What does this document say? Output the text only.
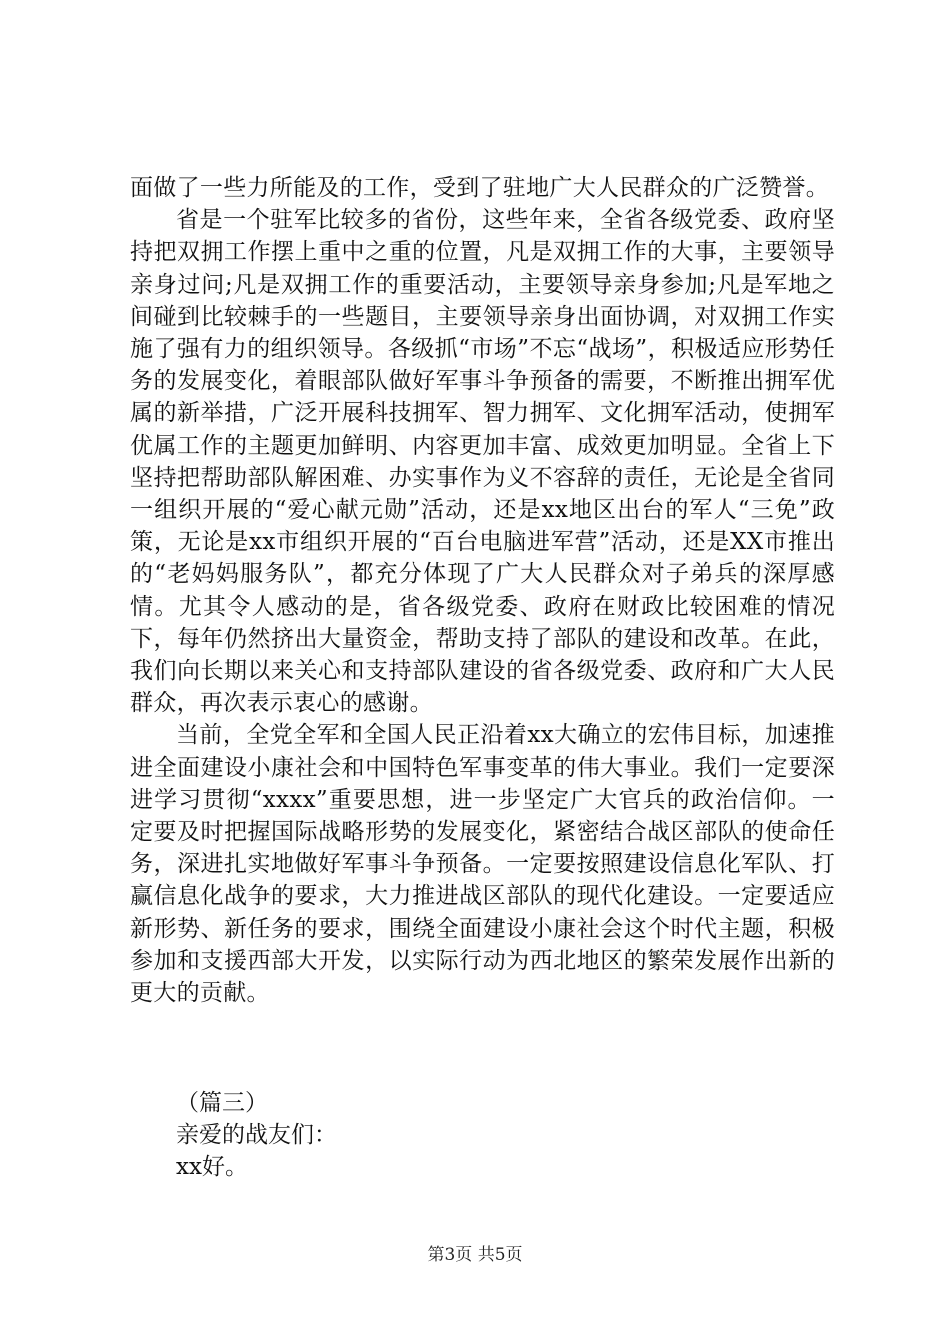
面做了一些力所能及的工作，受到了驻地广大人民群众的广泛赞誉。

省是一个驻军比较多的省份，这些年来，全省各级党委、政府坚持把双拥工作摆上重中之重的位置，凡是双拥工作的大事，主要领导亲身过问;凡是双拥工作的重要活动，主要领导亲身参加;凡是军地之间碰到比较棘手的一些题目，主要领导亲身出面协调，对双拥工作实施了强有力的组织领导。各级抓“市场”不忘“战场”，积极适应形势任务的发展变化，着眼部队做好军事斗争预备的需要，不断推出拥军优属的新举措，广泛开展科技拥军、智力拥军、文化拥军活动，使拥军优属工作的主题更加鲜明、内容更加丰富、成效更加明显。全省上下坚持把帮助部队解困难、办实事作为义不容辞的责任，无论是全省同一组织开展的“爱心献元勋”活动，还是xx地区出台的军人“三免”政策，无论是xx市组织开展的“百台电脑进军营”活动，还是XX市推出的“老妈妈服务队”，都充分体现了广大人民群众对子弟兵的深厚感情。尤其令人感动的是，省各级党委、政府在财政比较困难的情况下，每年仍然挤出大量资金，帮助支持了部队的建设和改革。在此，我们向长期以来关心和支持部队建设的省各级党委、政府和广大人民群众，再次表示衷心的感谢。

当前，全党全军和全国人民正沿着xx大确立的宏伟目标，加速推进全面建设小康社会和中国特色军事变革的伟大事业。我们一定要深进学习贯彻“xxxx”重要思想，进一步坚定广大官兵的政治信仰。一定要及时把握国际战略形势的发展变化，紧密结合战区部队的使命任务，深进扎实地做好军事斗争预备。一定要按照建设信息化军队、打赢信息化战争的要求，大力推进战区部队的现代化建设。一定要适应新形势、新任务的要求，围绕全面建设小康社会这个时代主题，积极参加和支援西部大开发，以实际行动为西北地区的繁荣发展作出新的更大的贡献。

（篇三）
亲爱的战友们：
xx好。
第3页 共5页
